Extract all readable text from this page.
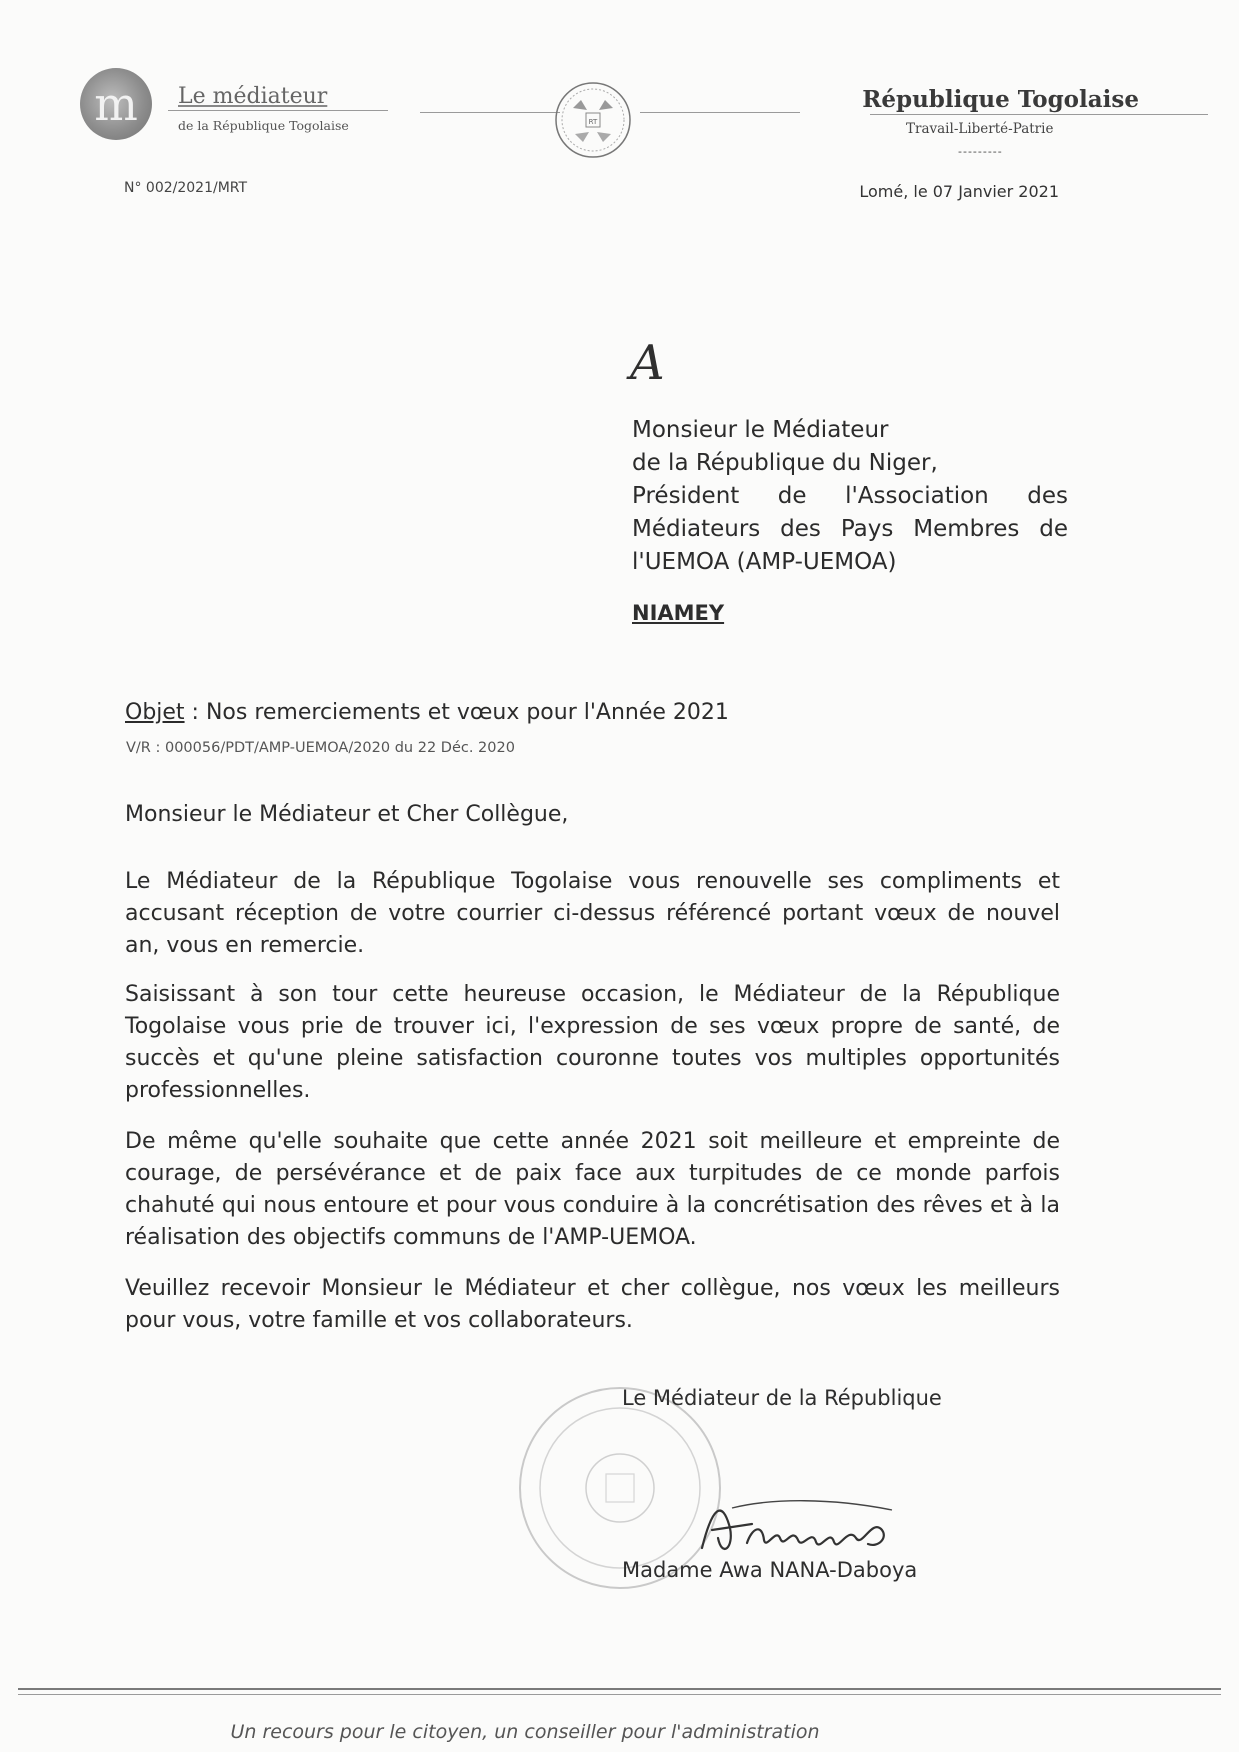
m Le médiateur
de la République Togolaise	RT
République Togolaise
Travail-Liberté-Patrie
---------
N° 002/2021/MRT	Lomé, le 07 Janvier 2021
A
Monsieur le Médiateur
de la République du Niger,
Président de l'Association des
Médiateurs des Pays Membres de
l'UEMOA (AMP-UEMOA)
NIAMEY
Objet : Nos remerciements et vœux pour l'Année 2021
V/R : 000056/PDT/AMP-UEMOA/2020 du 22 Déc. 2020
Monsieur le Médiateur et Cher Collègue,
Le Médiateur de la République Togolaise vous renouvelle ses compliments et accusant réception de votre courrier ci-dessus référencé portant vœux de nouvel an, vous en remercie.
Saisissant à son tour cette heureuse occasion, le Médiateur de la République Togolaise vous prie de trouver ici, l'expression de ses vœux propre de santé, de succès et qu'une pleine satisfaction couronne toutes vos multiples opportunités professionnelles.
De même qu'elle souhaite que cette année 2021 soit meilleure et empreinte de courage, de persévérance et de paix face aux turpitudes de ce monde parfois chahuté qui nous entoure et pour vous conduire à la concrétisation des rêves et à la réalisation des objectifs communs de l'AMP-UEMOA.
Veuillez recevoir Monsieur le Médiateur et cher collègue, nos vœux les meilleurs pour vous, votre famille et vos collaborateurs.
Le Médiateur de la République
Madame Awa NANA-Daboya
Un recours pour le citoyen, un conseiller pour l'administration
